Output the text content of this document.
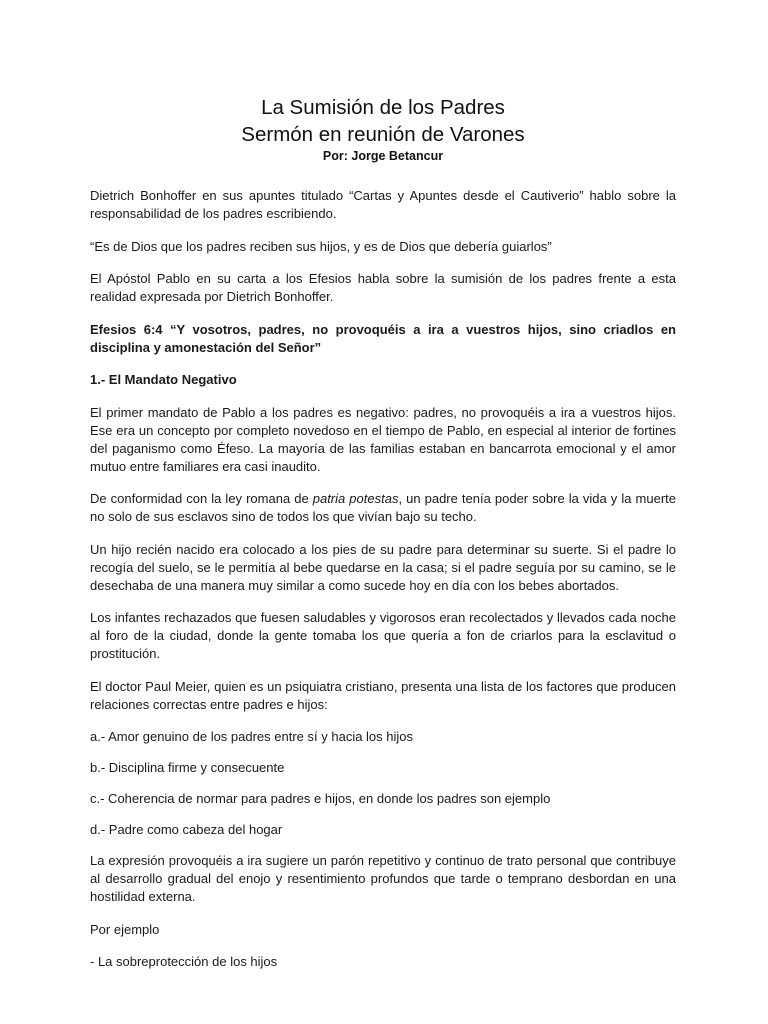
La Sumisión de los Padres
Sermón en reunión de Varones
Por: Jorge Betancur

Dietrich Bonhoffer en sus apuntes titulado “Cartas y Apuntes desde el Cautiverio” hablo sobre la responsabilidad de los padres escribiendo.

“Es de Dios que los padres reciben sus hijos, y es de Dios que debería guiarlos”

El Apóstol Pablo en su carta a los Efesios habla sobre la sumisión de los padres frente a esta realidad expresada por Dietrich Bonhoffer.

Efesios 6:4 “Y vosotros, padres, no provoquéis a ira a vuestros hijos, sino criadlos en disciplina y amonestación del Señor”

1.- El Mandato Negativo

El primer mandato de Pablo a los padres es negativo: padres, no provoquéis a ira a vuestros hijos. Ese era un concepto por completo novedoso en el tiempo de Pablo, en especial al interior de fortines del paganismo como Éfeso. La mayoría de las familias estaban en bancarrota emocional y el amor mutuo entre familiares era casi inaudito.

De conformidad con la ley romana de patria potestas, un padre tenía poder sobre la vida y la muerte no solo de sus esclavos sino de todos los que vivían bajo su techo.

Un hijo recién nacido era colocado a los pies de su padre para determinar su suerte. Si el padre lo recogía del suelo, se le permitía al bebe quedarse en la casa; si el padre seguía por su camino, se le desechaba de una manera muy similar a como sucede hoy en día con los bebes abortados.

Los infantes rechazados que fuesen saludables y vigorosos eran recolectados y llevados cada noche al foro de la ciudad, donde la gente tomaba los que quería a fon de criarlos para la esclavitud o prostitución.

El doctor Paul Meier, quien es un psiquiatra cristiano, presenta una lista de los factores que producen relaciones correctas entre padres e hijos:

a.- Amor genuino de los padres entre sí y hacia los hijos

b.- Disciplina firme y consecuente

c.- Coherencia de normar para padres e hijos, en donde los padres son ejemplo

d.- Padre como cabeza del hogar

La expresión provoquéis a ira sugiere un parón repetitivo y continuo de trato personal que contribuye al desarrollo gradual del enojo y resentimiento profundos que tarde o temprano desbordan en una hostilidad externa.

Por ejemplo

- La sobreprotección de los hijos
